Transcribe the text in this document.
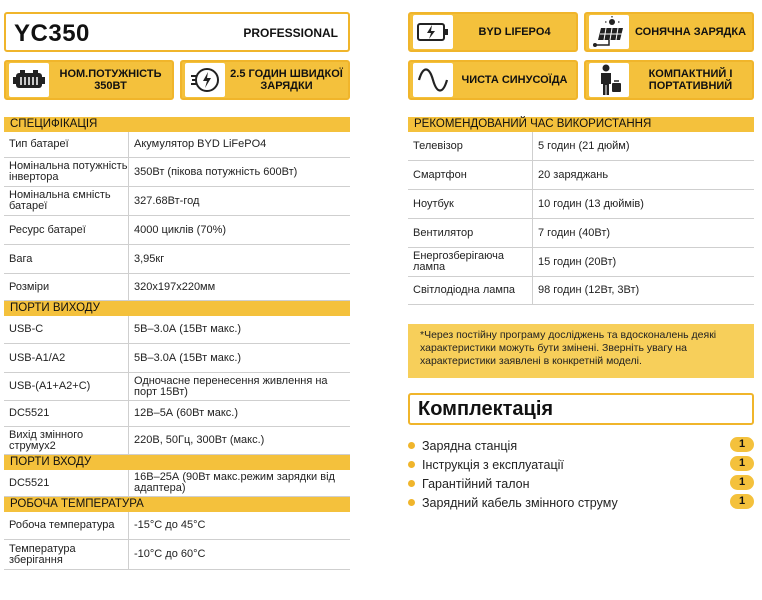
YC350	PROFESSIONAL
НОМ.ПОТУЖНІСТЬ 350ВТ
2.5 ГОДИН ШВИДКОЇ ЗАРЯДКИ
BYD LIFEPO4	СОНЯЧНА ЗАРЯДКА
ЧИСТА СИНУСОЇДА	КОМПАКТНИЙ І ПОРТАТИВНИЙ
СПЕЦИФІКАЦІЯ
Тип батареї	Акумулятор BYD LiFePO4
Номінальна потужність інвертора	350Вт (пікова потужність 600Вт)
Номінальна ємність батареї	327.68Вт-год
Ресурс батареї	4000 циклів (70%)
Вага	3,95кг
Розміри	320x197x220мм
ПОРТИ ВИХОДУ
USB-C	5В–3.0А (15Вт макс.)
USB-A1/A2	5В–3.0А (15Вт макс.)
USB-(A1+A2+C)	Одночасне перенесення живлення на порт 15Вт)
DC5521	12В–5А (60Вт макс.)
Вихід змінного струмух2	220В, 50Гц, 300Вт (макс.)
ПОРТИ ВХОДУ
DC5521	16В–25А (90Вт макс.режим зарядки від адаптера)
РОБОЧА ТЕМПЕРАТУРА
Робоча температура	-15°C до 45°C
Температура зберігання	-10°C до 60°C
РЕКОМЕНДОВАНИЙ ЧАС ВИКОРИСТАННЯ
Телевізор	5 годин (21 дюйм)
Смартфон	20 заряджань
Ноутбук	10 годин (13 дюймів)
Вентилятор	7 годин (40Вт)
Енергозберігаюча лампа	15 годин (20Вт)
Світлодіодна лампа	98 годин (12Вт, 3Вт)
*Через постійну програму досліджень та вдосконалень деякі характеристики можуть бути змінені. Зверніть увагу на характеристики заявлені в конкретній моделі.
Комплектація
Зарядна станція	1
Інструкція з експлуатації	1
Гарантійний талон	1
Зарядний кабель змінного струму	1
